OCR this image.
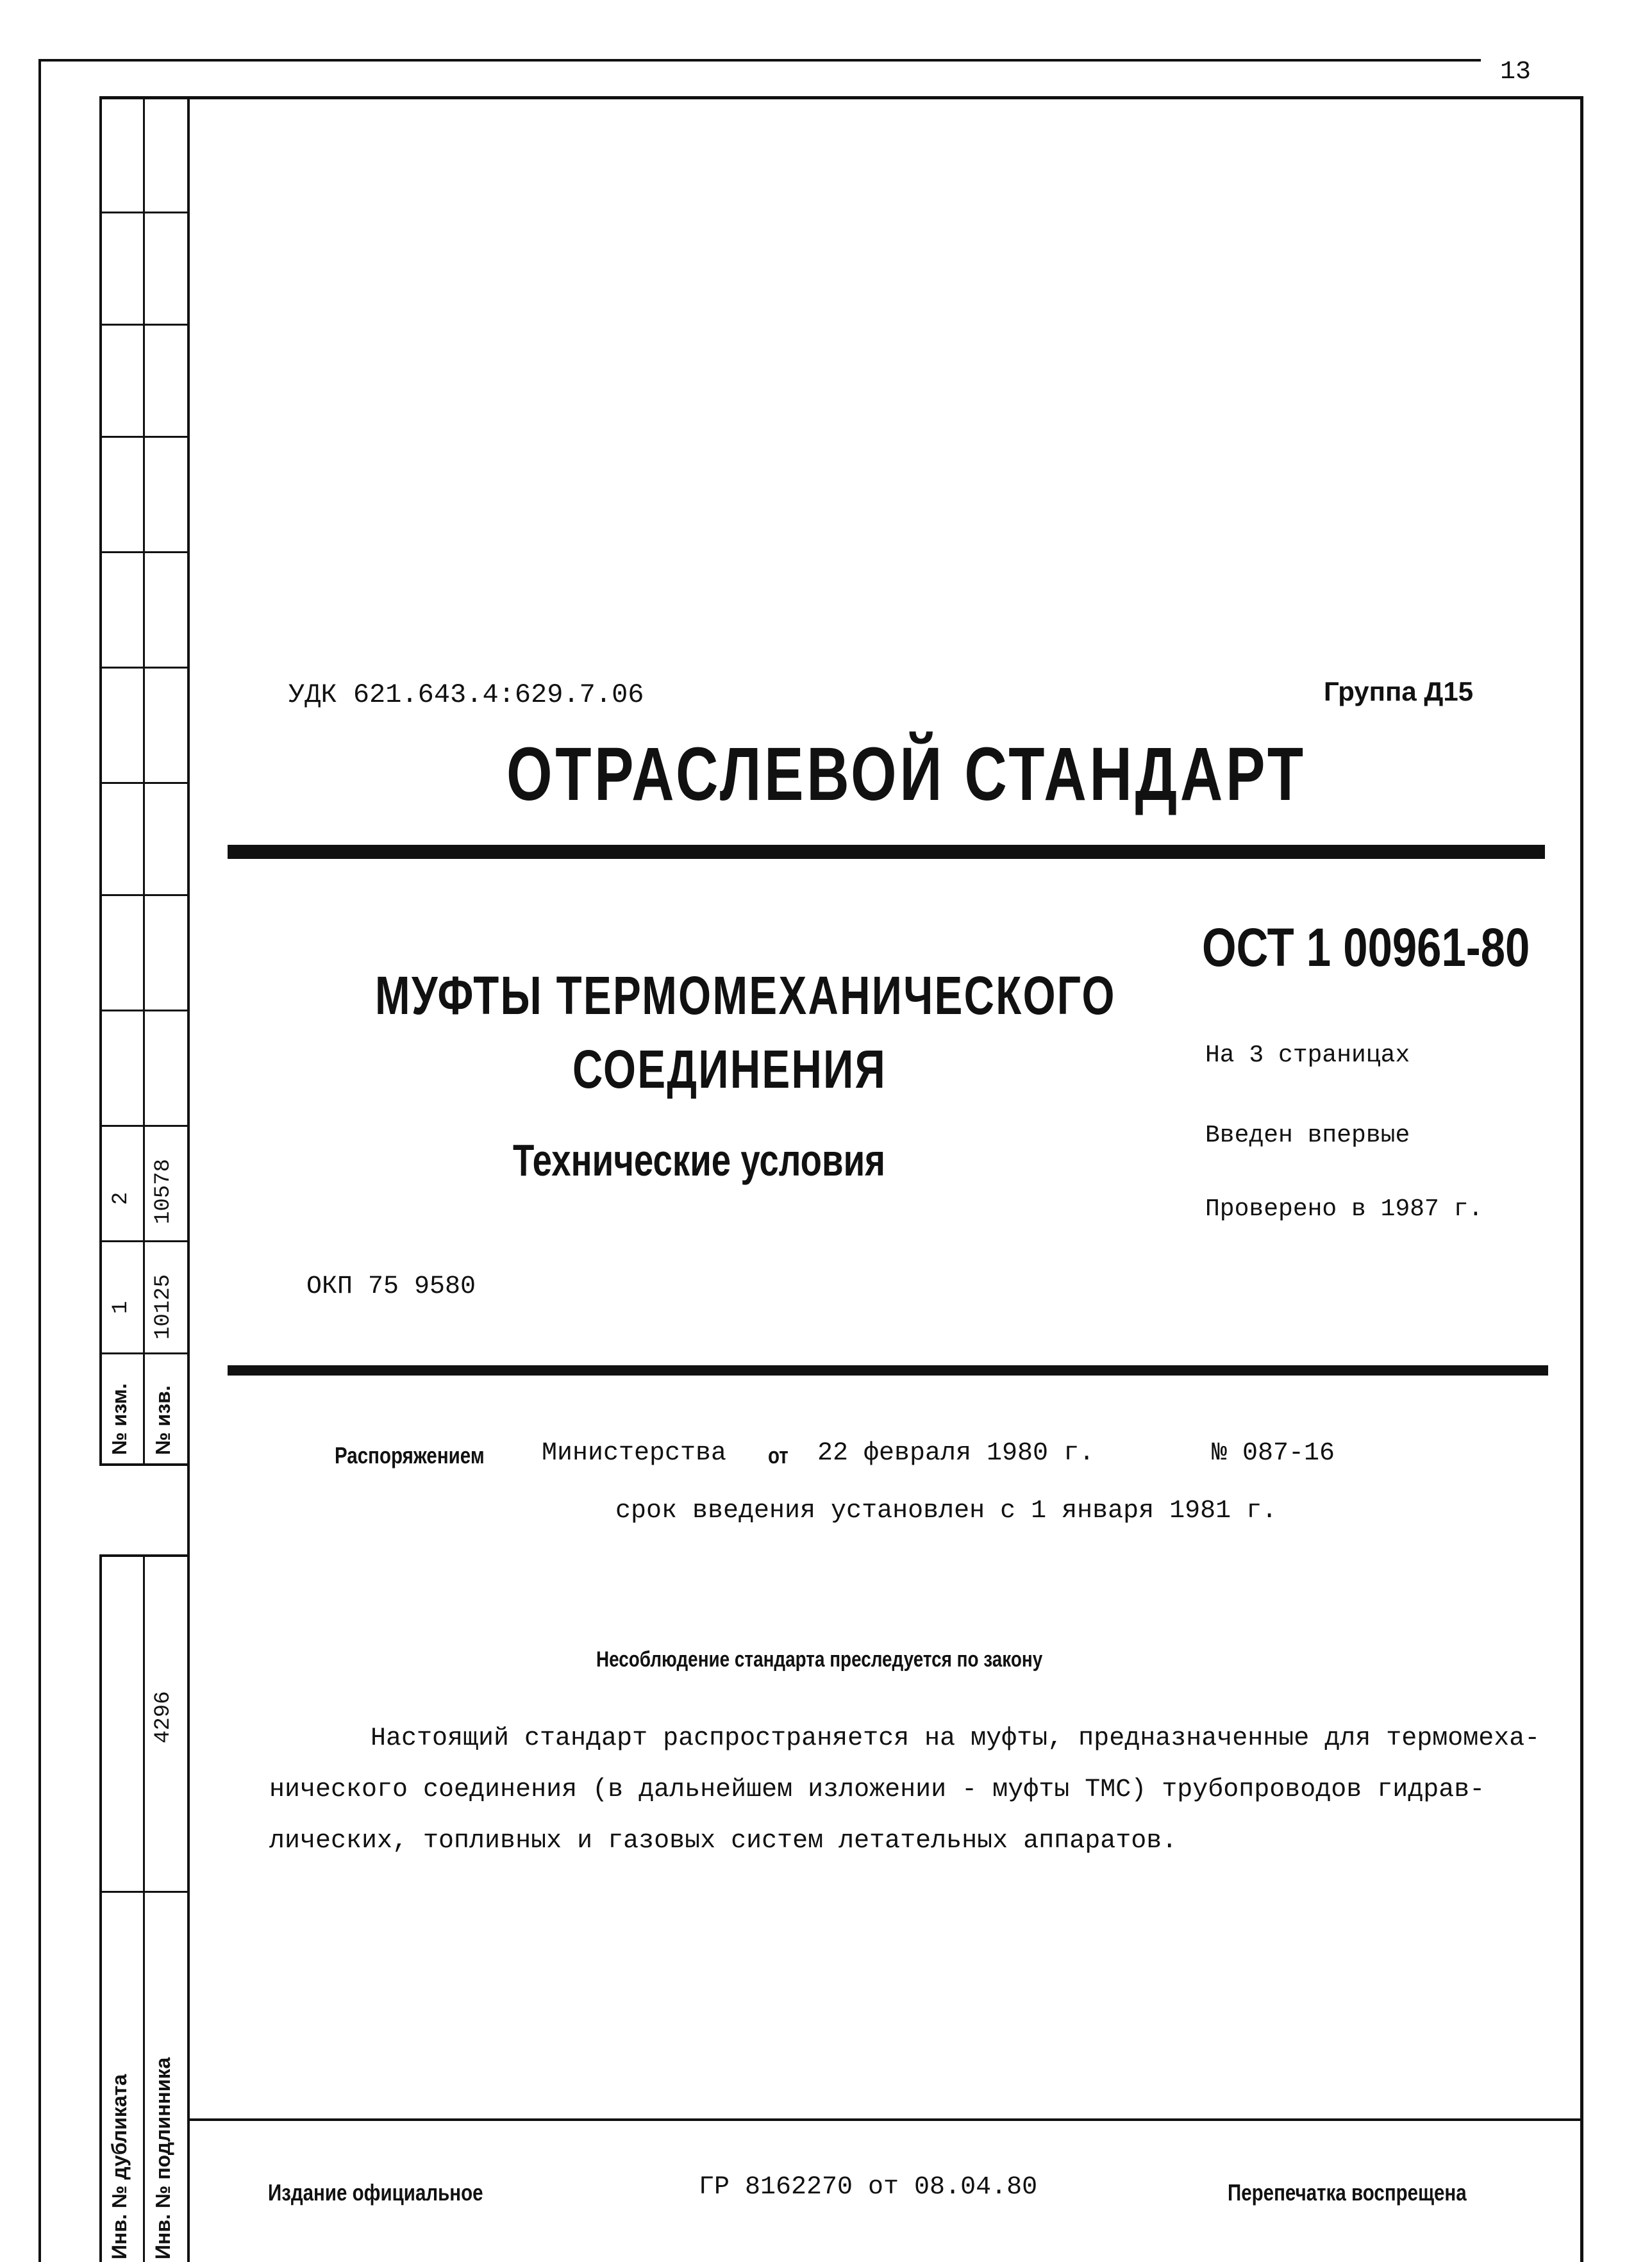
2 10578
1 10125
№ изм. № изв.
4296
Инв. № дубликата Инв. № подлинника
13
УДК 621.643.4:629.7.06	Группа Д15
ОТРАСЛЕВОЙ СТАНДАРТ
ОСТ 1 00961-80
МУФТЫ ТЕРМОМЕХАНИЧЕСКОГО
СОЕДИНЕНИЯ
Технические условия
На 3 страницах
Введен впервые
Проверено в 1987 г.
ОКП 75 9580
Распоряжением Министерства от 22 февраля 1980 г.	№ 087-16
срок введения установлен с 1 января 1981 г.
Несоблюдение стандарта преследуется по закону
Настоящий стандарт распространяется на муфты, предназначенные для термомеха-
нического соединения (в дальнейшем изложении - муфты ТМС) трубопроводов гидрав-
лических, топливных и газовых систем летательных аппаратов.
Издание официальное	ГР 8162270 от 08.04.80	Перепечатка воспрещена
